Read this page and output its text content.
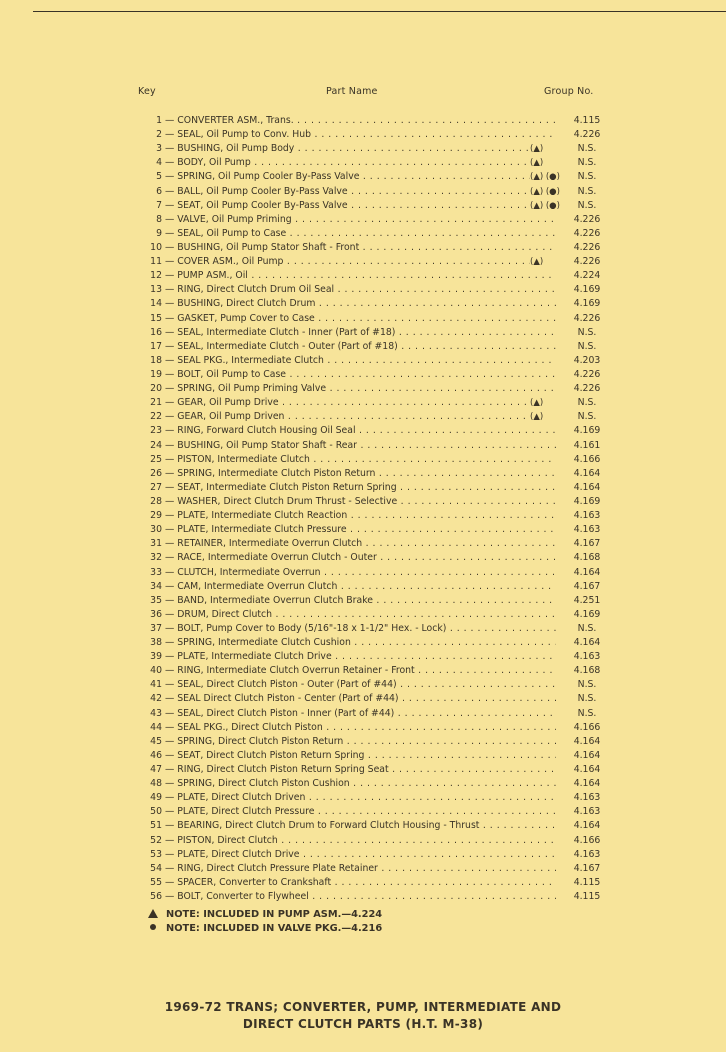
Key	Part Name	Group No.
1 — CONVERTER ASM., Trans. . . .	4.115
2 — SEAL, Oil Pump to Conv. Hub . . .	4.226
3 — BUSHING, Oil Pump Body . . .	(▲)	N.S.
4 — BODY, Oil Pump . . .	(▲)	N.S.
5 — SPRING, Oil Pump Cooler By-Pass Valve . . .	(▲) (●)	N.S.
6 — BALL, Oil Pump Cooler By-Pass Valve . . .	(▲) (●)	N.S.
7 — SEAT, Oil Pump Cooler By-Pass Valve . . .	(▲) (●)	N.S.
8 — VALVE, Oil Pump Priming . . .	4.226
9 — SEAL, Oil Pump to Case . . .	4.226
10 — BUSHING, Oil Pump Stator Shaft - Front . . .	4.226
11 — COVER ASM., Oil Pump . . .	(▲)	4.226
12 — PUMP ASM., Oil . . .	4.224
13 — RING, Direct Clutch Drum Oil Seal . . .	4.169
14 — BUSHING, Direct Clutch Drum . . .	4.169
15 — GASKET, Pump Cover to Case . . .	4.226
16 — SEAL, Intermediate Clutch - Inner (Part of #18) . . .	N.S.
17 — SEAL, Intermediate Clutch - Outer (Part of #18) . . .	N.S.
18 — SEAL PKG., Intermediate Clutch . . .	4.203
19 — BOLT, Oil Pump to Case . . .	4.226
20 — SPRING, Oil Pump Priming Valve . . .	4.226
21 — GEAR, Oil Pump Drive . . .	(▲)	N.S.
22 — GEAR, Oil Pump Driven . . .	(▲)	N.S.
23 — RING, Forward Clutch Housing Oil Seal . . .	4.169
24 — BUSHING, Oil Pump Stator Shaft - Rear . . .	4.161
25 — PISTON, Intermediate Clutch . . .	4.166
26 — SPRING, Intermediate Clutch Piston Return . . .	4.164
27 — SEAT, Intermediate Clutch Piston Return Spring . . .	4.164
28 — WASHER, Direct Clutch Drum Thrust - Selective . . .	4.169
29 — PLATE, Intermediate Clutch Reaction . . .	4.163
30 — PLATE, Intermediate Clutch Pressure . . .	4.163
31 — RETAINER, Intermediate Overrun Clutch . . .	4.167
32 — RACE, Intermediate Overrun Clutch - Outer . . .	4.168
33 — CLUTCH, Intermediate Overrun . . .	4.164
34 — CAM, Intermediate Overrun Clutch . . .	4.167
35 — BAND, Intermediate Overrun Clutch Brake . . .	4.251
36 — DRUM, Direct Clutch . . .	4.169
37 — BOLT, Pump Cover to Body (5/16"-18 x 1-1/2" Hex. - Lock) . . .	N.S.
38 — SPRING, Intermediate Clutch Cushion . . .	4.164
39 — PLATE, Intermediate Clutch Drive . . .	4.163
40 — RING, Intermediate Clutch Overrun Retainer - Front . . .	4.168
41 — SEAL, Direct Clutch Piston - Outer (Part of #44) . . .	N.S.
42 — SEAL Direct Clutch Piston - Center (Part of #44) . . .	N.S.
43 — SEAL, Direct Clutch Piston - Inner (Part of #44) . . .	N.S.
44 — SEAL PKG., Direct Clutch Piston . . .	4.166
45 — SPRING, Direct Clutch Piston Return . . .	4.164
46 — SEAT, Direct Clutch Piston Return Spring . . .	4.164
47 — RING, Direct Clutch Piston Return Spring Seat . . .	4.164
48 — SPRING, Direct Clutch Piston Cushion . . .	4.164
49 — PLATE, Direct Clutch Driven . . .	4.163
50 — PLATE, Direct Clutch Pressure . . .	4.163
51 — BEARING, Direct Clutch Drum to Forward Clutch Housing - Thrust . . .	4.164
52 — PISTON, Direct Clutch . . .	4.166
53 — PLATE, Direct Clutch Drive . . .	4.163
54 — RING, Direct Clutch Pressure Plate Retainer . . .	4.167
55 — SPACER, Converter to Crankshaft . . .	4.115
56 — BOLT, Converter to Flywheel . . .	4.115
NOTE: INCLUDED IN PUMP ASM.—4.224
NOTE: INCLUDED IN VALVE PKG.—4.216
1969-72 TRANS; CONVERTER, PUMP, INTERMEDIATE AND
DIRECT CLUTCH PARTS (H.T. M-38)
